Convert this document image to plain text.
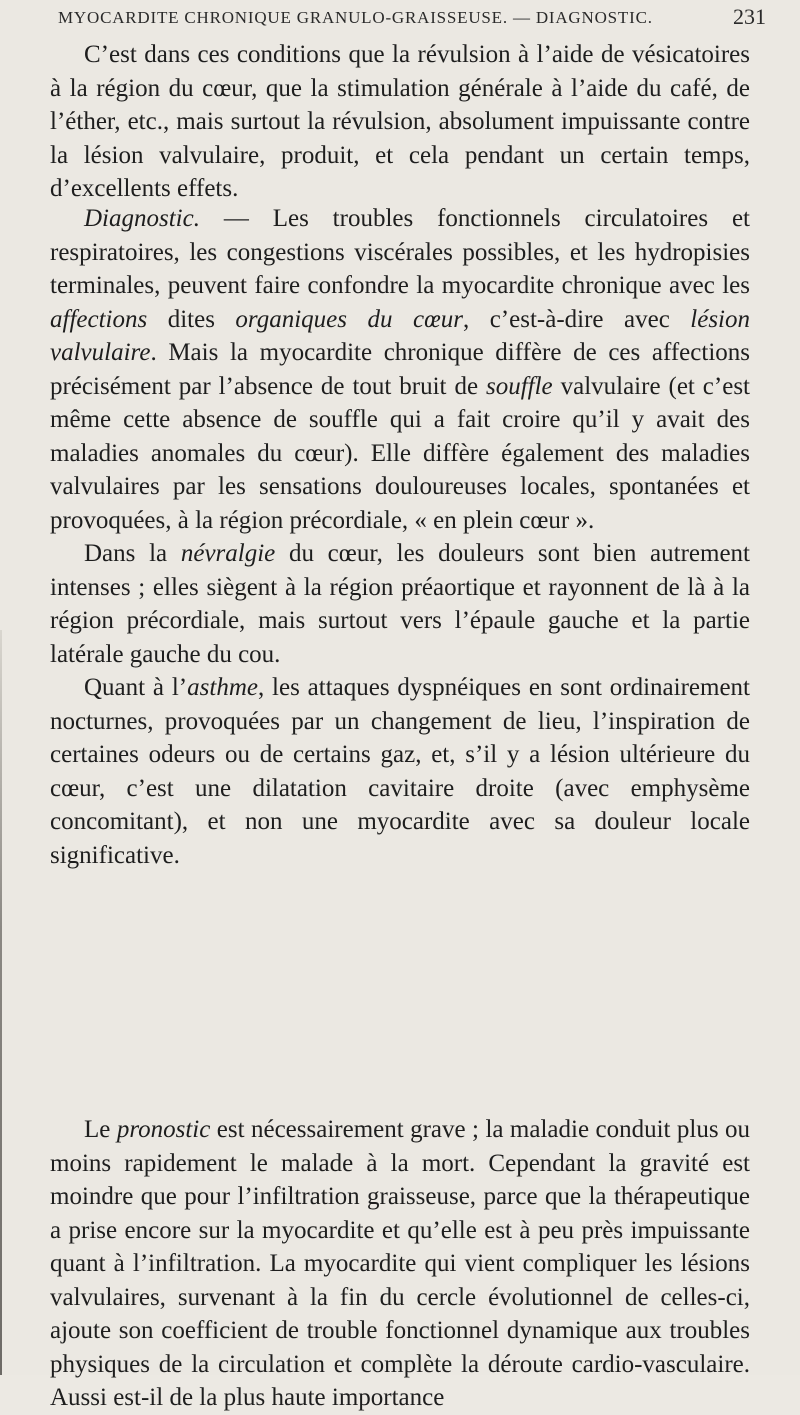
MYOCARDITE CHRONIQUE GRANULO-GRAISSEUSE. — DIAGNOSTIC.	231

C’est dans ces conditions que la révulsion à l’aide de vésicatoires à la région du cœur, que la stimulation générale à l’aide du café, de l’éther, etc., mais surtout la révulsion, absolument impuissante contre la lésion valvulaire, produit, et cela pendant un certain temps, d’excellents effets.

Diagnostic. — Les troubles fonctionnels circulatoires et respiratoires, les congestions viscérales possibles, et les hydropisies terminales, peuvent faire confondre la myocardite chronique avec les affections dites organiques du cœur, c’est-à-dire avec lésion valvulaire. Mais la myocardite chronique diffère de ces affections précisément par l’absence de tout bruit de souffle valvulaire (et c’est même cette absence de souffle qui a fait croire qu’il y avait des maladies anomales du cœur). Elle diffère également des maladies valvulaires par les sensations douloureuses locales, spontanées et provoquées, à la région précordiale, « en plein cœur ».

Dans la névralgie du cœur, les douleurs sont bien autrement intenses ; elles siègent à la région préaortique et rayonnent de là à la région précordiale, mais surtout vers l’épaule gauche et la partie latérale gauche du cou.

Quant à l’asthme, les attaques dyspnéiques en sont ordinairement nocturnes, provoquées par un changement de lieu, l’inspiration de certaines odeurs ou de certains gaz, et, s’il y a lésion ultérieure du cœur, c’est une dilatation cavitaire droite (avec emphysème concomitant), et non une myocardite avec sa douleur locale significative.

Le pronostic est nécessairement grave ; la maladie conduit plus ou moins rapidement le malade à la mort. Cependant la gravité est moindre que pour l’infiltration graisseuse, parce que la thérapeutique a prise encore sur la myocardite et qu’elle est à peu près impuissante quant à l’infiltration. La myocardite qui vient compliquer les lésions valvulaires, survenant à la fin du cercle évolutionnel de celles-ci, ajoute son coefficient de trouble fonctionnel dynamique aux troubles physiques de la circulation et complète la déroute cardio-vasculaire. Aussi est-il de la plus haute importance
